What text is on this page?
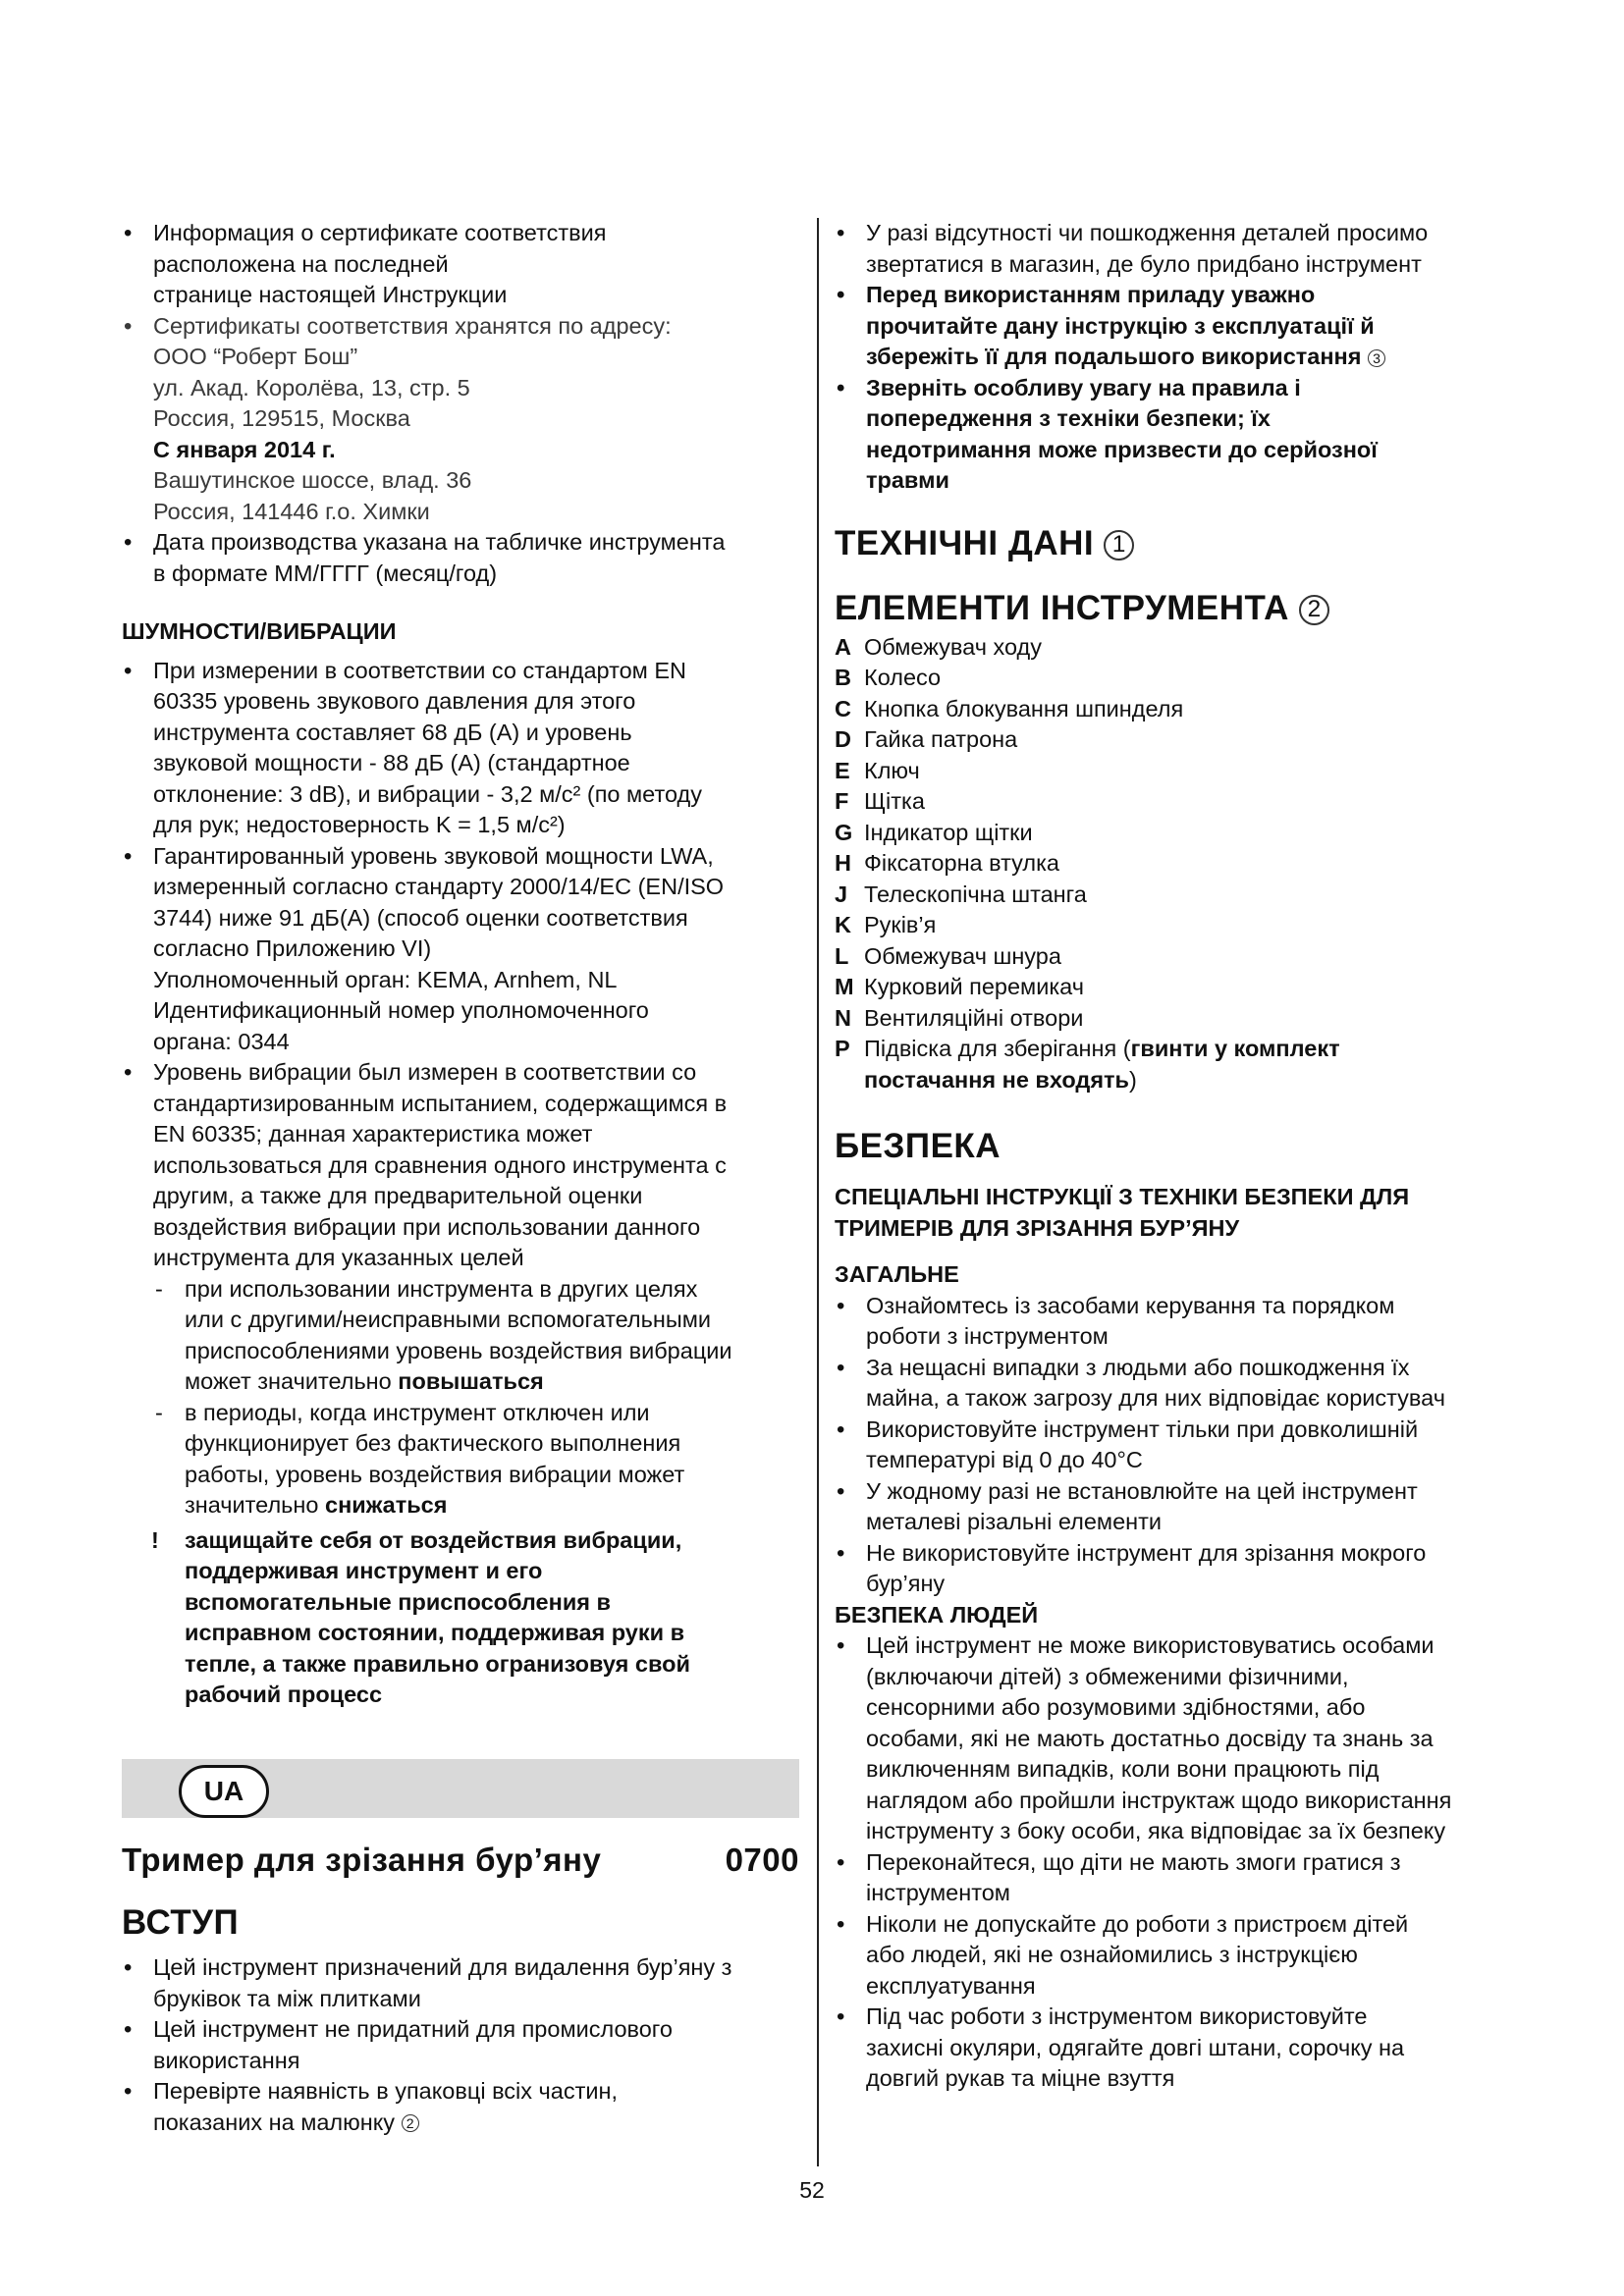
• Информация о сертификате соответствия
расположена на последней
странице настоящей Инструкции
• Сертификаты соответствия хранятся по адресу:
ООО “Роберт Бош”
ул. Акад. Королёва, 13, стр. 5
Россия, 129515, Москва
С января 2014 г.
Вашутинское шоссе, влад. 36
Россия, 141446 г.о. Химки
• Дата производства указана на табличке инструмента
в формате ММ/ГГГГ (месяц/год)
ШУМНОСТИ/ВИБРАЦИИ
• При измерении в соответствии со стандартом EN
60335 уровень звукового давления для этого
инструмента составляет 68 дБ (A) и уровень
звуковой мощности - 88 дБ (A) (стандартное
отклонение: 3 dB), и вибрации - 3,2 м/с² (по методу
для рук; недостоверность K = 1,5 м/с²)
• Гарантированный уровень звуковой мощности LWA,
измеренный согласно стандарту 2000/14/EC (EN/ISO
3744) ниже 91 дБ(A) (способ оценки соответствия
согласно Приложению VI)
Уполномоченный орган: KEMA, Arnhem, NL
Идентификационный номер уполномоченного
органа: 0344
• Уровень вибрации был измерен в соответствии со
стандартизированным испытанием, содержащимся в
EN 60335; данная характеристика может
использоваться для сравнения одного инструмента с
другим, а также для предварительной оценки
воздействия вибрации при использовании данного
инструмента для указанных целей
- при использовании инструмента в других целях
или с другими/неисправными вспомогательными
приспособлениями уровень воздействия вибрации
может значительно повышаться
- в периоды, когда инструмент отключен или
функционирует без фактического выполнения
работы, уровень воздействия вибрации может
значительно снижаться
! защищайте себя от воздействия вибрации,
поддерживая инструмент и его
вспомогательные приспособления в
исправном состоянии, поддерживая руки в
тепле, а также правильно огранизовуя свой
рабочий процесс
UA
Тример для зрізання бур’яну	0700
ВСТУП
• Цей інструмент призначений для видалення бур’яну з
бруківок та між плитками
• Цей інструмент не придатний для промислового
використання
• Перевірте наявність в упаковці всіх частин,
показаних на малюнку 2
• У разі відсутності чи пошкодження деталей просимо
звертатися в магазин, де було придбано інструмент
• Перед використанням приладу уважно
прочитайте дану інструкцію з експлуатації й
збережіть її для подальшого використання 3
• Зверніть особливу увагу на правила і
попередження з техніки безпеки; їх
недотримання може призвести до серйозної
травми
ТЕХНІЧНІ ДАНІ 1
ЕЛЕМЕНТИ ІНСТРУМЕНТА 2
A Обмежувач ходу
B Колесо
C Кнопка блокування шпинделя
D Гайка патрона
E Ключ
F Щітка
G Індикатор щітки
H Фіксаторна втулка
J Телескопічна штанга
K Руків’я
L Обмежувач шнура
M Курковий перемикач
N Вентиляційні отвори
P Підвіска для зберігання (гвинти у комплект
постачання не входять)
БЕЗПЕКА
СПЕЦІАЛЬНІ ІНСТРУКЦІЇ З ТЕХНІКИ БЕЗПЕКИ ДЛЯ
ТРИМЕРІВ ДЛЯ ЗРІЗАННЯ БУР’ЯНУ
ЗАГАЛЬНЕ
• Ознайомтесь із засобами керування та порядком
роботи з інструментом
• За нещасні випадки з людьми або пошкодження їх
майна, а також загрозу для них відповідає користувач
• Використовуйте інструмент тільки при довколишній
температурі від 0 до 40°C
• У жодному разі не встановлюйте на цей інструмент
металеві різальні елементи
• Не використовуйте інструмент для зрізання мокрого
бур’яну
БЕЗПЕКА ЛЮДЕЙ
• Цей інструмент не може використовуватись особами
(включаючи дітей) з обмеженими фізичними,
сенсорними або розумовими здібностями, або
особами, які не мають достатньо досвіду та знань за
виключенням випадків, коли вони працюють під
наглядом або пройшли інструктаж щодо використання
інструменту з боку особи, яка відповідає за їх безпеку
• Переконайтеся, що діти не мають змоги гратися з
інструментом
• Ніколи не допускайте до роботи з пристроєм дітей
або людей, які не ознайомились з інструкцією
експлуатування
• Під час роботи з інструментом використовуйте
захисні окуляри, одягайте довгі штани, сорочку на
довгий рукав та міцне взуття
52
